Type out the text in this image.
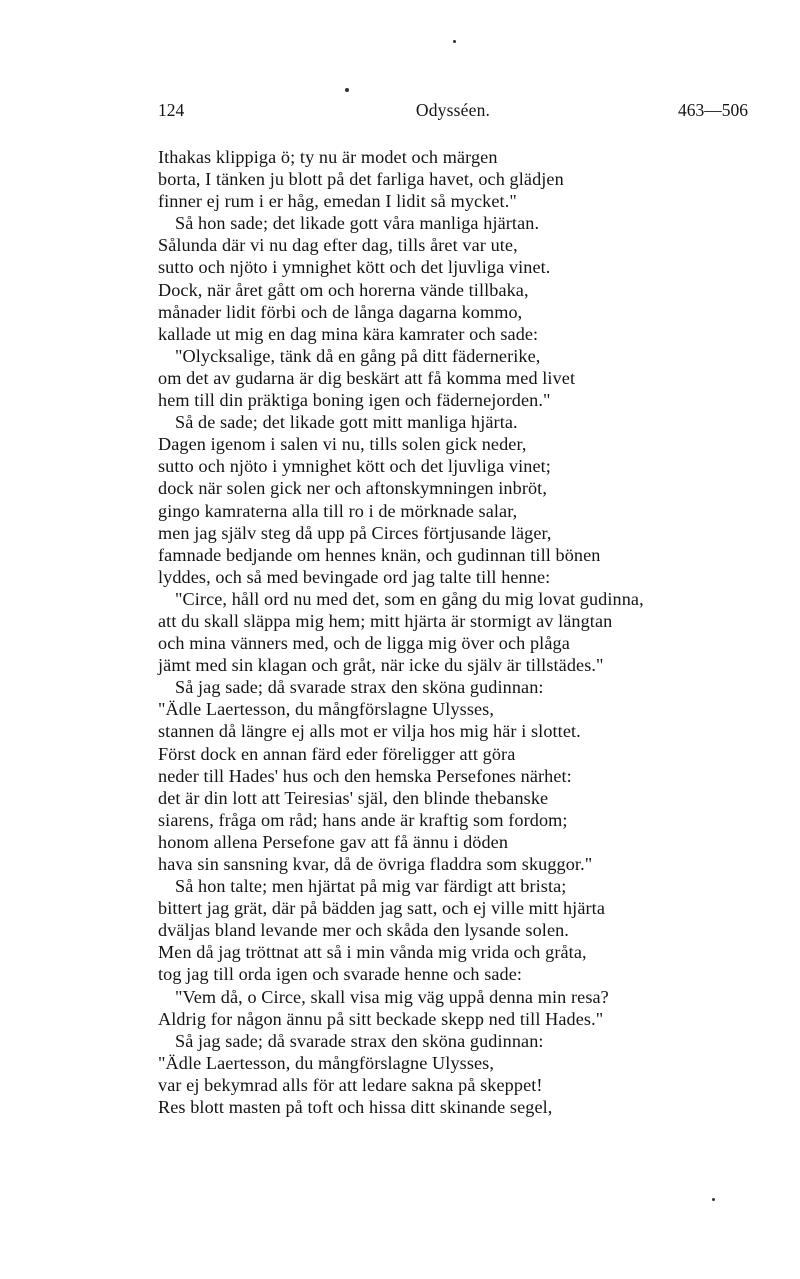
124	Odysséen.	463—506
Ithakas klippiga ö; ty nu är modet och märgen
borta, I tänken ju blott på det farliga havet, och glädjen
finner ej rum i er håg, emedan I lidit så mycket."
Så hon sade; det likade gott våra manliga hjärtan.
Sålunda där vi nu dag efter dag, tills året var ute,
sutto och njöto i ymnighet kött och det ljuvliga vinet.
Dock, när året gått om och horerna vände tillbaka,
månader lidit förbi och de långa dagarna kommo,
kallade ut mig en dag mina kära kamrater och sade:
"Olycksalige, tänk då en gång på ditt fädernerike,
om det av gudarna är dig beskärt att få komma med livet
hem till din präktiga boning igen och fädernejorden."
Så de sade; det likade gott mitt manliga hjärta.
Dagen igenom i salen vi nu, tills solen gick neder,
sutto och njöto i ymnighet kött och det ljuvliga vinet;
dock när solen gick ner och aftonskymningen inbröt,
gingo kamraterna alla till ro i de mörknade salar,
men jag själv steg då upp på Circes förtjusande läger,
famnade bedjande om hennes knän, och gudinnan till bönen
lyddes, och så med bevingade ord jag talte till henne:
"Circe, håll ord nu med det, som en gång du mig lovat gudinna,
att du skall släppa mig hem; mitt hjärta är stormigt av längtan
och mina vänners med, och de ligga mig över och plåga
jämt med sin klagan och gråt, när icke du själv är tillstädes."
Så jag sade; då svarade strax den sköna gudinnan:
"Ädle Laertesson, du mångförslagne Ulysses,
stannen då längre ej alls mot er vilja hos mig här i slottet.
Först dock en annan färd eder föreligger att göra
neder till Hades' hus och den hemska Persefones närhet:
det är din lott att Teiresias' själ, den blinde thebanske
siarens, fråga om råd; hans ande är kraftig som fordom;
honom allena Persefone gav att få ännu i döden
hava sin sansning kvar, då de övriga fladdra som skuggor."
Så hon talte; men hjärtat på mig var färdigt att brista;
bittert jag grät, där på bädden jag satt, och ej ville mitt hjärta
dväljas bland levande mer och skåda den lysande solen.
Men då jag tröttnat att så i min vånda mig vrida och gråta,
tog jag till orda igen och svarade henne och sade:
"Vem då, o Circe, skall visa mig väg uppå denna min resa?
Aldrig for någon ännu på sitt beckade skepp ned till Hades."
Så jag sade; då svarade strax den sköna gudinnan:
"Ädle Laertesson, du mångförslagne Ulysses,
var ej bekymrad alls för att ledare sakna på skeppet!
Res blott masten på toft och hissa ditt skinande segel,
